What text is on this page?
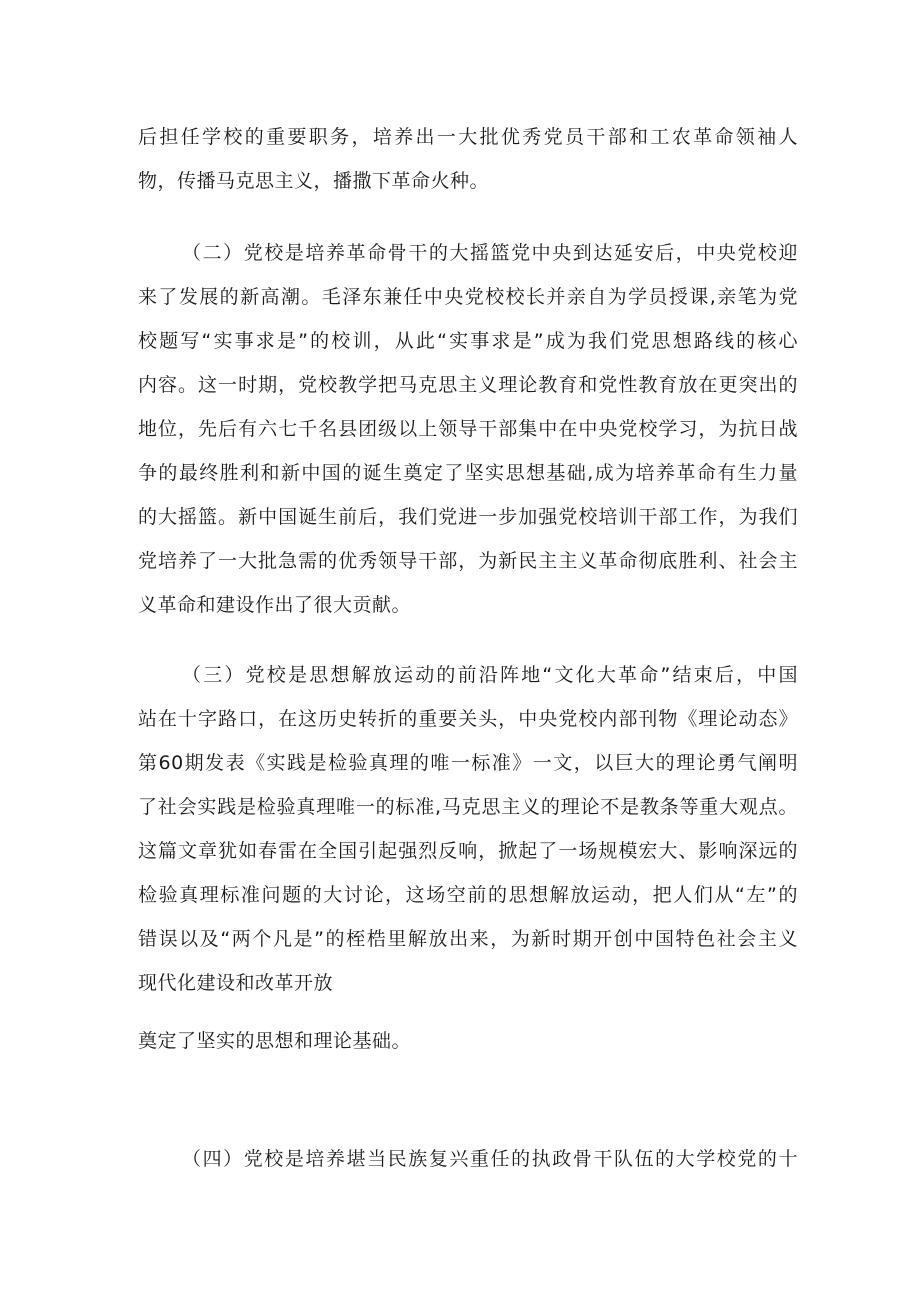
后担任学校的重要职务，培养出一大批优秀党员干部和工农革命领袖人
物，传播马克思主义，播撒下革命火种。
（二）党校是培养革命骨干的大摇篮党中央到达延安后，中央党校迎
来了发展的新高潮。毛泽东兼任中央党校校长并亲自为学员授课,亲笔为党
校题写“实事求是”的校训，从此“实事求是”成为我们党思想路线的核心
内容。这一时期，党校教学把马克思主义理论教育和党性教育放在更突出的
地位，先后有六七千名县团级以上领导干部集中在中央党校学习，为抗日战
争的最终胜利和新中国的诞生奠定了坚实思想基础,成为培养革命有生力量
的大摇篮。新中国诞生前后，我们党进一步加强党校培训干部工作，为我们
党培养了一大批急需的优秀领导干部，为新民主主义革命彻底胜利、社会主
义革命和建设作出了很大贡献。
（三）党校是思想解放运动的前沿阵地“文化大革命”结束后，中国
站在十字路口，在这历史转折的重要关头，中央党校内部刊物《理论动态》
第60期发表《实践是检验真理的唯一标准》一文，以巨大的理论勇气阐明
了社会实践是检验真理唯一的标准,马克思主义的理论不是教条等重大观点。
这篇文章犹如春雷在全国引起强烈反响，掀起了一场规模宏大、影响深远的
检验真理标准问题的大讨论，这场空前的思想解放运动，把人们从“左”的
错误以及“两个凡是”的桎梏里解放出来，为新时期开创中国特色社会主义
现代化建设和改革开放
奠定了坚实的思想和理论基础。
（四）党校是培养堪当民族复兴重任的执政骨干队伍的大学校党的十
